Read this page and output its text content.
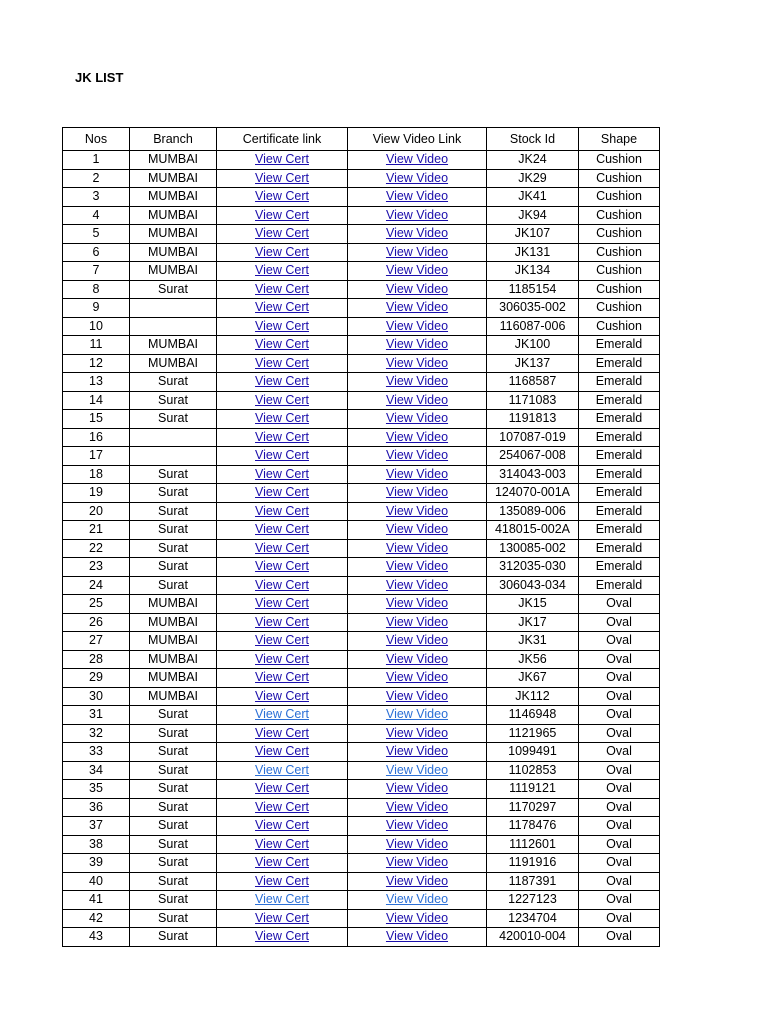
JK LIST
Nos	Branch	Certificate link	View Video Link	Stock Id	Shape
1	MUMBAI	View Cert	View Video	JK24	Cushion
2	MUMBAI	View Cert	View Video	JK29	Cushion
3	MUMBAI	View Cert	View Video	JK41	Cushion
4	MUMBAI	View Cert	View Video	JK94	Cushion
5	MUMBAI	View Cert	View Video	JK107	Cushion
6	MUMBAI	View Cert	View Video	JK131	Cushion
7	MUMBAI	View Cert	View Video	JK134	Cushion
8	Surat	View Cert	View Video	1185154	Cushion
9		View Cert	View Video	306035-002	Cushion
10		View Cert	View Video	116087-006	Cushion
11	MUMBAI	View Cert	View Video	JK100	Emerald
12	MUMBAI	View Cert	View Video	JK137	Emerald
13	Surat	View Cert	View Video	1168587	Emerald
14	Surat	View Cert	View Video	1171083	Emerald
15	Surat	View Cert	View Video	1191813	Emerald
16		View Cert	View Video	107087-019	Emerald
17		View Cert	View Video	254067-008	Emerald
18	Surat	View Cert	View Video	314043-003	Emerald
19	Surat	View Cert	View Video	124070-001A	Emerald
20	Surat	View Cert	View Video	135089-006	Emerald
21	Surat	View Cert	View Video	418015-002A	Emerald
22	Surat	View Cert	View Video	130085-002	Emerald
23	Surat	View Cert	View Video	312035-030	Emerald
24	Surat	View Cert	View Video	306043-034	Emerald
25	MUMBAI	View Cert	View Video	JK15	Oval
26	MUMBAI	View Cert	View Video	JK17	Oval
27	MUMBAI	View Cert	View Video	JK31	Oval
28	MUMBAI	View Cert	View Video	JK56	Oval
29	MUMBAI	View Cert	View Video	JK67	Oval
30	MUMBAI	View Cert	View Video	JK112	Oval
31	Surat	View Cert	View Video	1146948	Oval
32	Surat	View Cert	View Video	1121965	Oval
33	Surat	View Cert	View Video	1099491	Oval
34	Surat	View Cert	View Video	1102853	Oval
35	Surat	View Cert	View Video	1119121	Oval
36	Surat	View Cert	View Video	1170297	Oval
37	Surat	View Cert	View Video	1178476	Oval
38	Surat	View Cert	View Video	1112601	Oval
39	Surat	View Cert	View Video	1191916	Oval
40	Surat	View Cert	View Video	1187391	Oval
41	Surat	View Cert	View Video	1227123	Oval
42	Surat	View Cert	View Video	1234704	Oval
43	Surat	View Cert	View Video	420010-004	Oval
